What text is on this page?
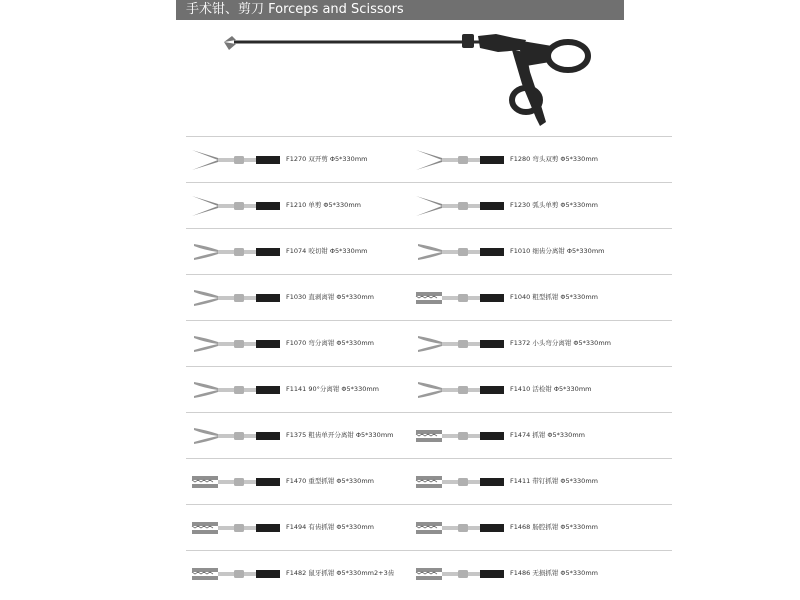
手术钳、剪刀 Forceps and Scissors
F1270 双开剪 Φ5*330mm
F1210 单剪 Φ5*330mm
F1074 咬切钳 Φ5*330mm
F1030 直剥离钳 Φ5*330mm
F1070 弯分离钳 Φ5*330mm
F1141 90°分离钳 Φ5*330mm
F1375 粗齿单开分离钳 Φ5*330mm
F1470 重型抓钳 Φ5*330mm
F1494 有齿抓钳 Φ5*330mm
F1482 鼠牙抓钳 Φ5*330mm2+3齿
F1280 弯头双剪 Φ5*330mm
F1230 弧头单剪 Φ5*330mm
F1010 细齿分离钳 Φ5*330mm
F1040 粗型抓钳 Φ5*330mm
F1372 小头弯分离钳 Φ5*330mm
F1410 活检钳 Φ5*330mm
F1474 抓钳 Φ5*330mm
F1411 带钉抓钳 Φ5*330mm
F1468 肠腔抓钳 Φ5*330mm
F1486 无损抓钳 Φ5*330mm
